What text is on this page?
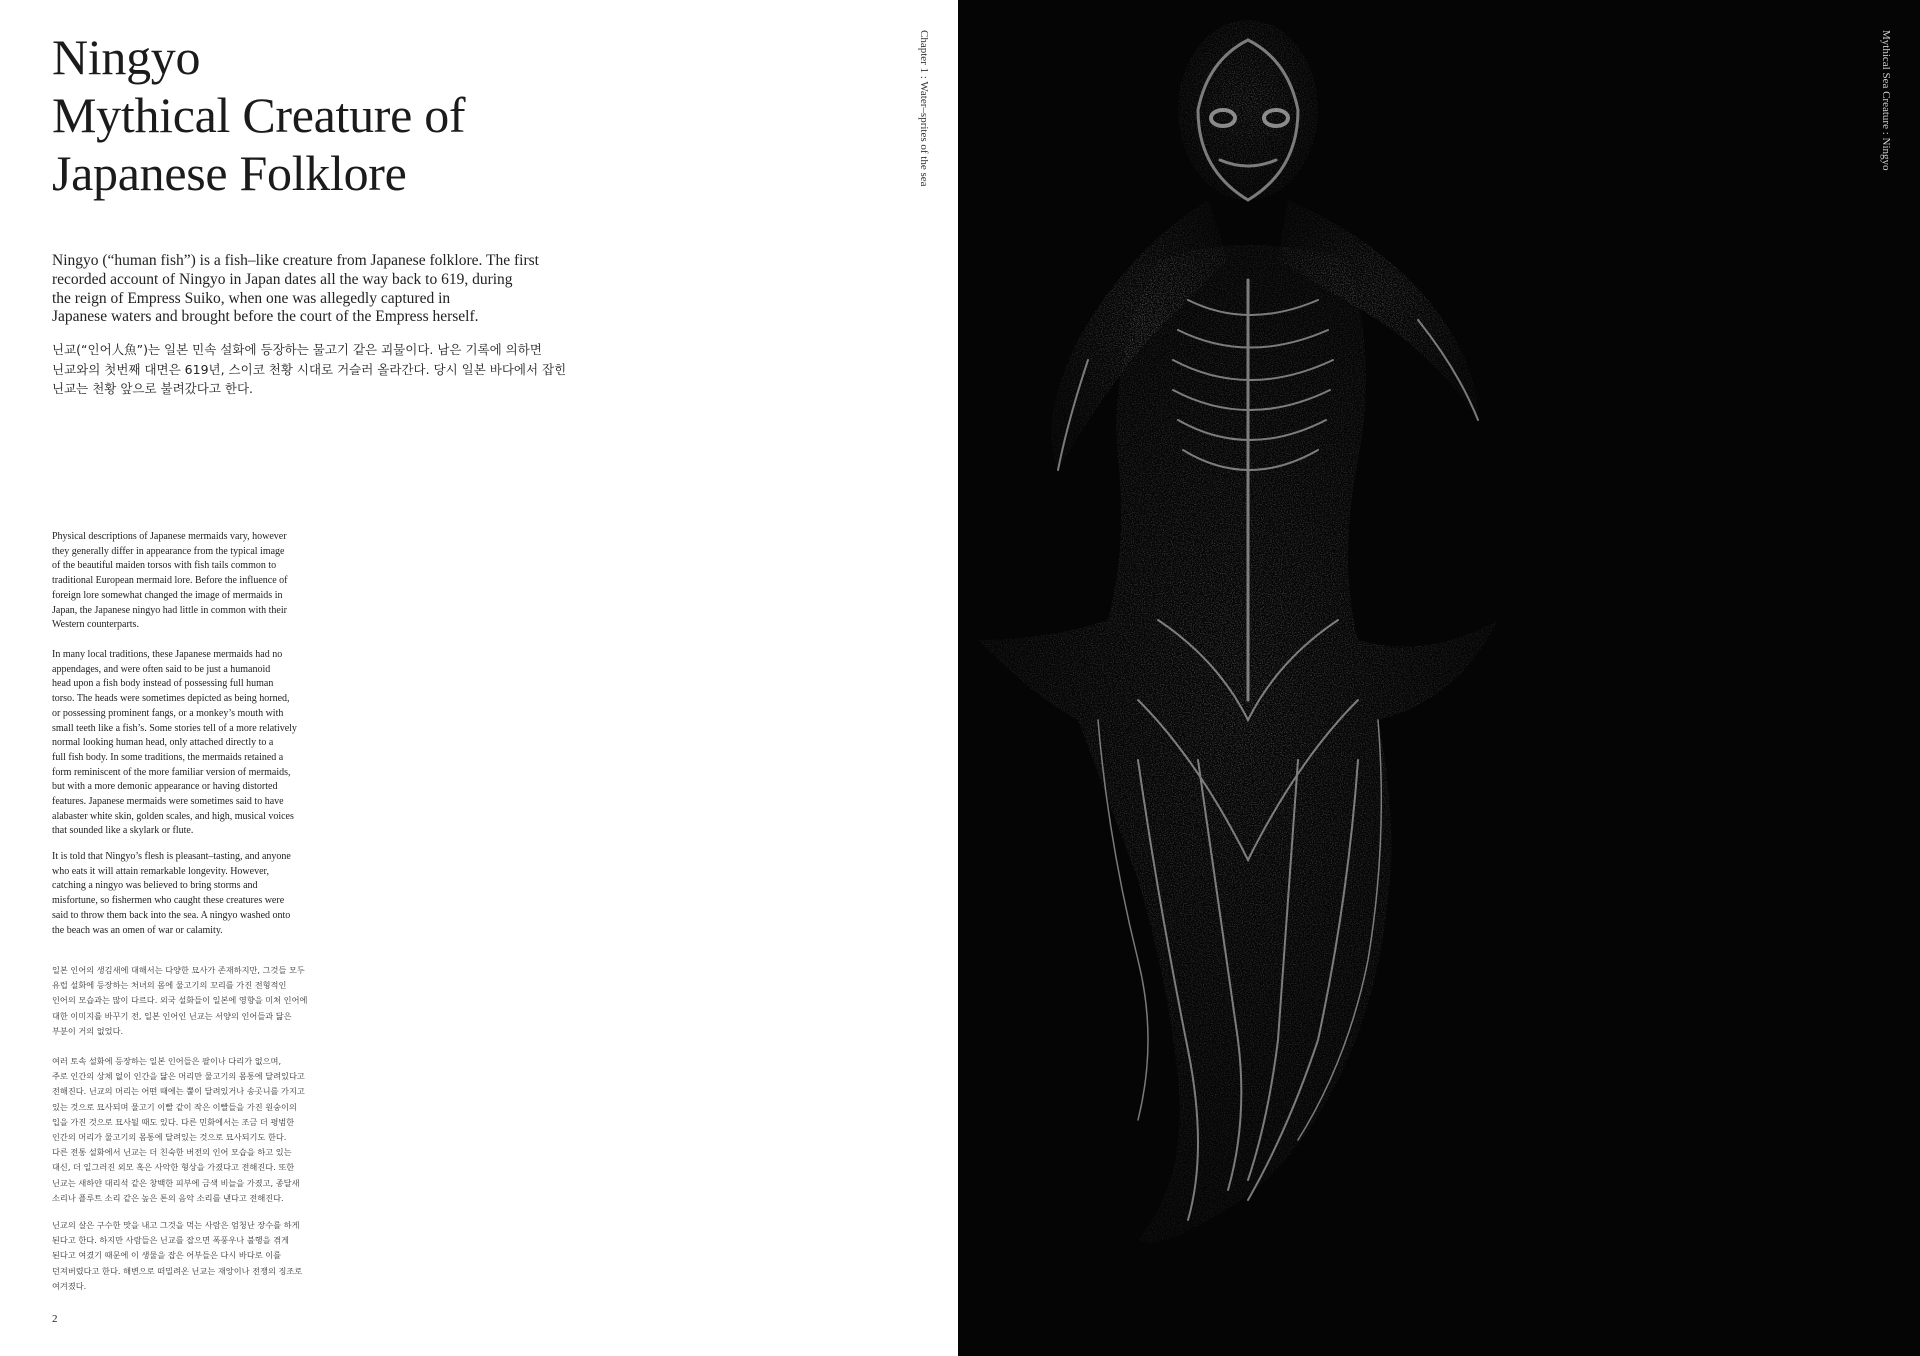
Ningyo
Mythical Creature of
Japanese Folklore

Ningyo (“human fish”) is a fish–like creature from Japanese folklore. The first
recorded account of Ningyo in Japan dates all the way back to 619, during
the reign of Empress Suiko, when one was allegedly captured in
Japanese waters and brought before the court of the Empress herself.

닌교(“인어人魚”)는 일본 민속 설화에 등장하는 물고기 같은 괴물이다. 남은 기록에 의하면
닌교와의 첫번째 대면은 619년, 스이코 천황 시대로 거슬러 올라간다. 당시 일본 바다에서 잡힌
닌교는 천황 앞으로 불려갔다고 한다.

Physical descriptions of Japanese mermaids vary, however
they generally differ in appearance from the typical image
of the beautiful maiden torsos with fish tails common to
traditional European mermaid lore. Before the influence of
foreign lore somewhat changed the image of mermaids in
Japan, the Japanese ningyo had little in common with their
Western counterparts.

In many local traditions, these Japanese mermaids had no
appendages, and were often said to be just a humanoid
head upon a fish body instead of possessing full human
torso. The heads were sometimes depicted as being horned,
or possessing prominent fangs, or a monkey’s mouth with
small teeth like a fish’s. Some stories tell of a more relatively
normal looking human head, only attached directly to a
full fish body. In some traditions, the mermaids retained a
form reminiscent of the more familiar version of mermaids,
but with a more demonic appearance or having distorted
features. Japanese mermaids were sometimes said to have
alabaster white skin, golden scales, and high, musical voices
that sounded like a skylark or flute.

It is told that Ningyo’s flesh is pleasant–tasting, and anyone
who eats it will attain remarkable longevity. However,
catching a ningyo was believed to bring storms and
misfortune, so fishermen who caught these creatures were
said to throw them back into the sea. A ningyo washed onto
the beach was an omen of war or calamity.

일본 인어의 생김새에 대해서는 다양한 묘사가 존재하지만, 그것들 모두
유럽 설화에 등장하는 처녀의 몸에 물고기의 꼬리를 가진 전형적인
인어의 모습과는 많이 다르다. 외국 설화들이 일본에 영향을 미쳐 인어에
대한 이미지를 바꾸기 전, 일본 인어인 닌교는 서양의 인어들과 닮은
부분이 거의 없었다.

여러 토속 설화에 등장하는 일본 인어들은 팔이나 다리가 없으며,
주로 인간의 상체 없이 인간을 닮은 머리만 물고기의 몸통에 달려있다고
전해진다. 닌교의 머리는 어떤 때에는 뿔이 달려있거나 송곳니를 가지고
있는 것으로 묘사되며 물고기 이빨 같이 작은 이빨들을 가진 원숭이의
입을 가진 것으로 묘사될 때도 있다. 다른 민화에서는 조금 더 평범한
인간의 머리가 물고기의 몸통에 달려있는 것으로 묘사되기도 한다.
다른 전통 설화에서 닌교는 더 친숙한 버전의 인어 모습을 하고 있는
대신, 더 일그러진 외모 혹은 사악한 형상을 가졌다고 전해진다. 또한
닌교는 새하얀 대리석 같은 창백한 피부에 금색 비늘을 가졌고, 종달새
소리나 플루트 소리 같은 높은 톤의 음악 소리를 낸다고 전해진다.

닌교의 살은 구수한 맛을 내고 그것을 먹는 사람은 엄청난 장수를 하게
된다고 한다. 하지만 사람들은 닌교를 잡으면 폭풍우나 불행을 겪게
된다고 여겼기 때문에 이 생물을 잡은 어부들은 다시 바다로 이를
던져버렸다고 한다. 해변으로 떠밀려온 닌교는 재앙이나 전쟁의 징조로
여겨졌다.

2
Chapter 1 : Water–sprites of the sea	Mythical Sea Creature : Ningyo
